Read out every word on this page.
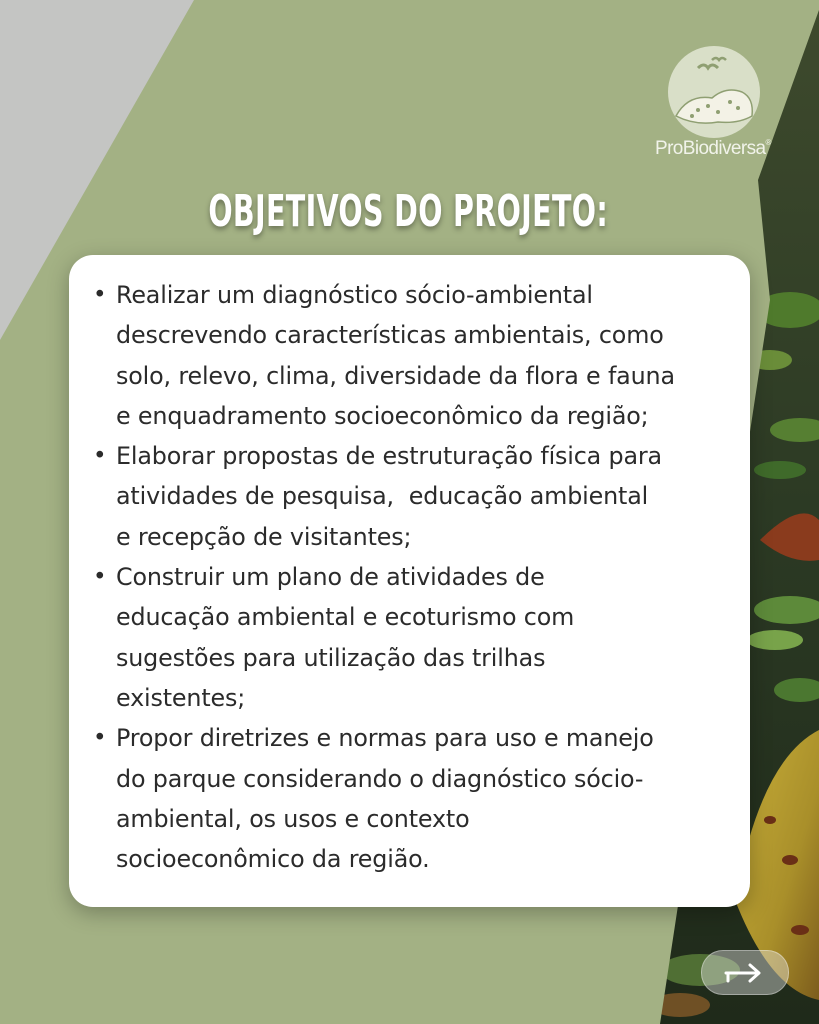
ProBiodiversa®
OBJETIVOS DO PROJETO:
• Realizar um diagnóstico sócio-ambiental
descrevendo características ambientais, como
solo, relevo, clima, diversidade da flora e fauna
e enquadramento socioeconômico da região;
• Elaborar propostas de estruturação física para
atividades de pesquisa,  educação ambiental
e recepção de visitantes;
• Construir um plano de atividades de
educação ambiental e ecoturismo com
sugestões para utilização das trilhas
existentes;
• Propor diretrizes e normas para uso e manejo
do parque considerando o diagnóstico sócio-
ambiental, os usos e contexto
socioeconômico da região.
